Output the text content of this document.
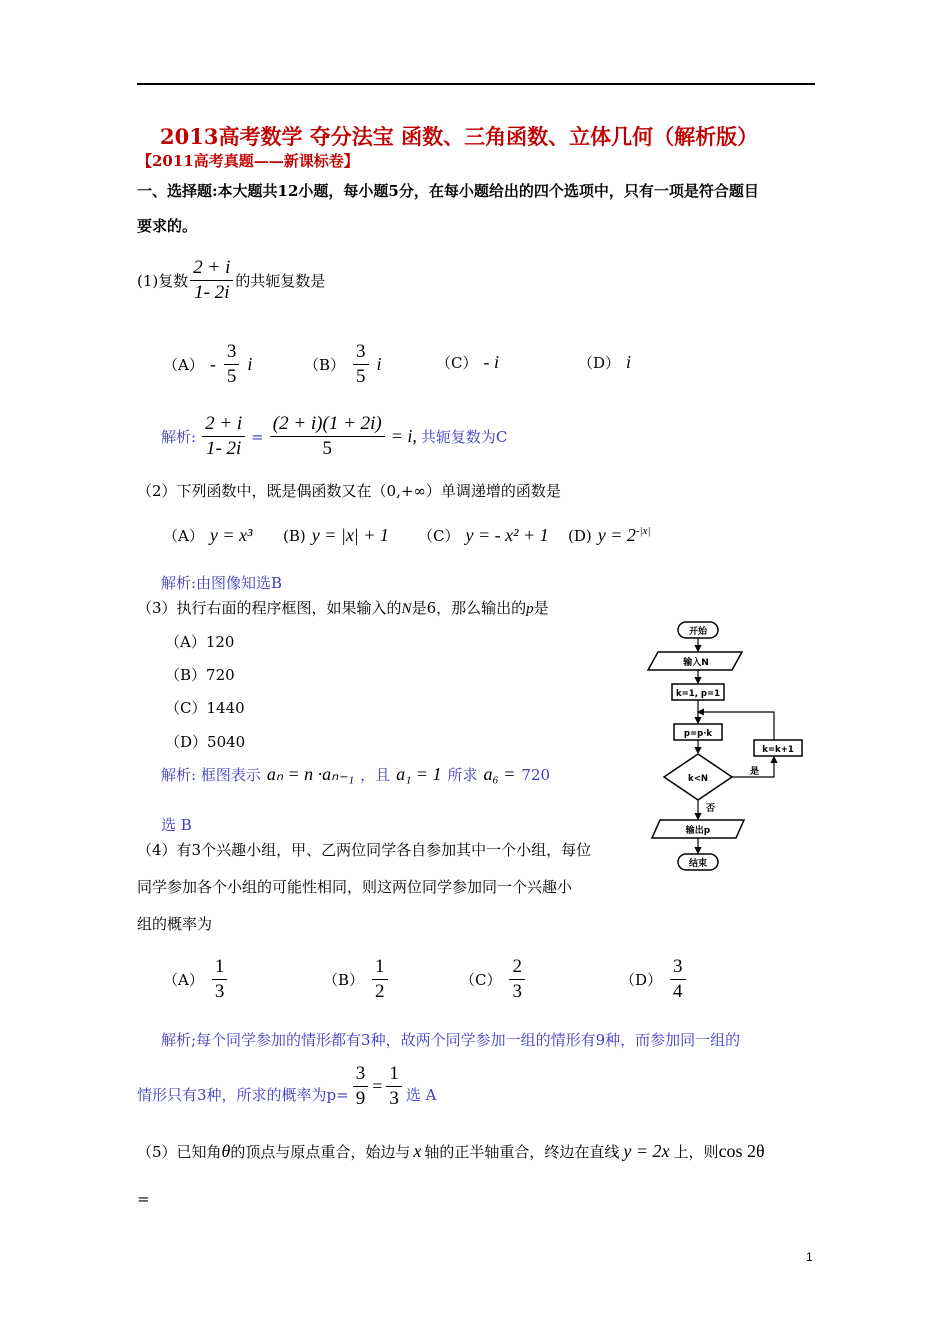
2013高考数学 夺分法宝 函数、三角函数、立体几何（解析版）
【2011高考真题——新课标卷】
一、选择题:本大题共12小题，每小题5分，在每小题给出的四个选项中，只有一项是符合题目
要求的。
(1)复数 $\frac{2 + i}{1- 2i}$ 的共轭复数是
$(A) - \frac{3}{5}$ i	$(B) \frac{3}{5}$ i	（C） - i	（D） i
解析: $\frac{2 + i}{1- 2i} = \frac{(2 + i)(1 + 2i)}{5} = i$, 共轭复数为C
（2）下列函数中，既是偶函数又在（0,+∞）单调递增的函数是
（A） y = x³ (B) y = |x| + 1 （C） y = - x² + 1 (D) $y = 2^{-|x|}$
解析:由图像知选B
（3）执行右面的程序框图，如果输入的N是6，那么输出的p是
（A）120
（B）720
（C）1440
（D）5040
解析: 框图表示 aₙ = n ·aₙ₋₁ ，且 a₁ = 1 所求 a₆ = 720
选 B
开始
输入N
k=1, p=1
p=p·k
k<N
是
k=k+1
否
输出p
结束
（4）有3个兴趣小组，甲、乙两位同学各自参加其中一个小组，每位
同学参加各个小组的可能性相同，则这两位同学参加同一个兴趣小
组的概率为
$(A) \frac{1}{3}$	$(B) \frac{1}{2}$	$(C) \frac{2}{3}$	$(D) \frac{3}{4}$
解析;每个同学参加的情形都有3种，故两个同学参加一组的情形有9种，而参加同一组的
情形只有3种，所求的概率为$p= \frac{3}{9} = \frac{1}{3}$ 选 A
（5）已知角 θ 的顶点与原点重合，始边与 x 轴的正半轴重合，终边在直线 y = 2x 上，则 cos 2θ
=
1
